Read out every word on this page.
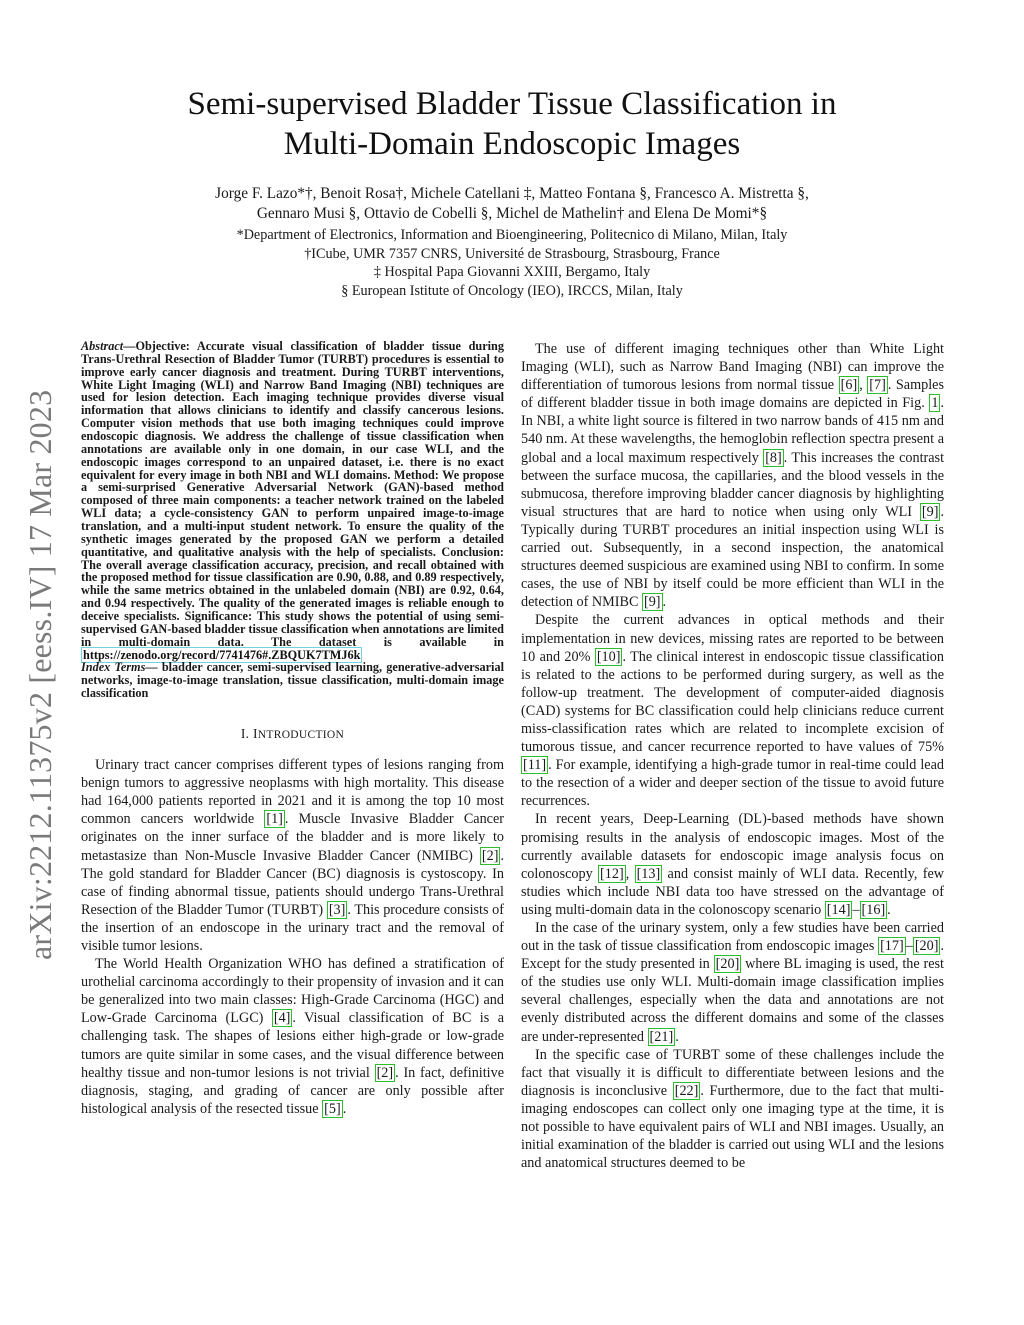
arXiv:2212.11375v2 [eess.IV] 17 Mar 2023
Semi-supervised Bladder Tissue Classification in
Multi-Domain Endoscopic Images
Jorge F. Lazo*†, Benoit Rosa†, Michele Catellani ‡, Matteo Fontana §, Francesco A. Mistretta §,
Gennaro Musi §, Ottavio de Cobelli §, Michel de Mathelin† and Elena De Momi*§
*Department of Electronics, Information and Bioengineering, Politecnico di Milano, Milan, Italy
†ICube, UMR 7357 CNRS, Université de Strasbourg, Strasbourg, France
‡ Hospital Papa Giovanni XXIII, Bergamo, Italy
§ European Istitute of Oncology (IEO), IRCCS, Milan, Italy

Abstract—Objective: Accurate visual classification of bladder tissue during Trans-Urethral Resection of Bladder Tumor (TURBT) procedures is essential to improve early cancer diagnosis and treatment. During TURBT interventions, White Light Imaging (WLI) and Narrow Band Imaging (NBI) techniques are used for lesion detection. Each imaging technique provides diverse visual information that allows clinicians to identify and classify cancerous lesions. Computer vision methods that use both imaging techniques could improve endoscopic diagnosis. We address the challenge of tissue classification when annotations are available only in one domain, in our case WLI, and the endoscopic images correspond to an unpaired dataset, i.e. there is no exact equivalent for every image in both NBI and WLI domains. Method: We propose a semi-surprised Generative Adversarial Network (GAN)-based method composed of three main components: a teacher network trained on the labeled WLI data; a cycle-consistency GAN to perform unpaired image-to-image translation, and a multi-input student network. To ensure the quality of the synthetic images generated by the proposed GAN we perform a detailed quantitative, and qualitative analysis with the help of specialists. Conclusion: The overall average classification accuracy, precision, and recall obtained with the proposed method for tissue classification are 0.90, 0.88, and 0.89 respectively, while the same metrics obtained in the unlabeled domain (NBI) are 0.92, 0.64, and 0.94 respectively. The quality of the generated images is reliable enough to deceive specialists. Significance: This study shows the potential of using semi-supervised GAN-based bladder tissue classification when annotations are limited in multi-domain data. The dataset is available in https://zenodo.org/record/7741476#.ZBQUK7TMJ6k

Index Terms— bladder cancer, semi-supervised learning, generative-adversarial networks, image-to-image translation, tissue classification, multi-domain image classification

I. INTRODUCTION

Urinary tract cancer comprises different types of lesions ranging from benign tumors to aggressive neoplasms with high mortality. This disease had 164,000 patients reported in 2021 and it is among the top 10 most common cancers worldwide [1] . Muscle Invasive Bladder Cancer originates on the inner surface of the bladder and is more likely to metastasize than Non-Muscle Invasive Bladder Cancer (NMIBC) [2] . The gold standard for Bladder Cancer (BC) diagnosis is cystoscopy. In case of finding abnormal tissue, patients should undergo Trans-Urethral Resection of the Bladder Tumor (TURBT) [3] . This procedure consists of the insertion of an endoscope in the urinary tract and the removal of visible tumor lesions.

The World Health Organization WHO has defined a stratification of urothelial carcinoma accordingly to their propensity of invasion and it can be generalized into two main classes: High-Grade Carcinoma (HGC) and Low-Grade Carcinoma (LGC) [4] . Visual classification of BC is a challenging task. The shapes of lesions either high-grade or low-grade tumors are quite similar in some cases, and the visual difference between healthy tissue and non-tumor lesions is not trivial [2] . In fact, definitive diagnosis, staging, and grading of cancer are only possible after histological analysis of the resected tissue [5] .

The use of different imaging techniques other than White Light Imaging (WLI), such as Narrow Band Imaging (NBI) can improve the differentiation of tumorous lesions from normal tissue [6] , [7] . Samples of different bladder tissue in both image domains are depicted in Fig. 1 . In NBI, a white light source is filtered in two narrow bands of 415 nm and 540 nm. At these wavelengths, the hemoglobin reflection spectra present a global and a local maximum respectively [8] . This increases the contrast between the surface mucosa, the capillaries, and the blood vessels in the submucosa, therefore improving bladder cancer diagnosis by highlighting visual structures that are hard to notice when using only WLI [9] . Typically during TURBT procedures an initial inspection using WLI is carried out. Subsequently, in a second inspection, the anatomical structures deemed suspicious are examined using NBI to confirm. In some cases, the use of NBI by itself could be more efficient than WLI in the detection of NMIBC [9] .

Despite the current advances in optical methods and their implementation in new devices, missing rates are reported to be between 10 and 20% [10] . The clinical interest in endoscopic tissue classification is related to the actions to be performed during surgery, as well as the follow-up treatment. The development of computer-aided diagnosis (CAD) systems for BC classification could help clinicians reduce current miss-classification rates which are related to incomplete excision of tumorous tissue, and cancer recurrence reported to have values of 75% [11] . For example, identifying a high-grade tumor in real-time could lead to the resection of a wider and deeper section of the tissue to avoid future recurrences.

In recent years, Deep-Learning (DL)-based methods have shown promising results in the analysis of endoscopic images. Most of the currently available datasets for endoscopic image analysis focus on colonoscopy [12] , [13] and consist mainly of WLI data. Recently, few studies which include NBI data too have stressed on the advantage of using multi-domain data in the colonoscopy scenario [14] – [16] .

In the case of the urinary system, only a few studies have been carried out in the task of tissue classification from endoscopic images [17] – [20] . Except for the study presented in [20] where BL imaging is used, the rest of the studies use only WLI. Multi-domain image classification implies several challenges, especially when the data and annotations are not evenly distributed across the different domains and some of the classes are under-represented [21] .

In the specific case of TURBT some of these challenges include the fact that visually it is difficult to differentiate between lesions and the diagnosis is inconclusive [22] . Furthermore, due to the fact that multi-imaging endoscopes can collect only one imaging type at the time, it is not possible to have equivalent pairs of WLI and NBI images. Usually, an initial examination of the bladder is carried out using WLI and the lesions and anatomical structures deemed to be
